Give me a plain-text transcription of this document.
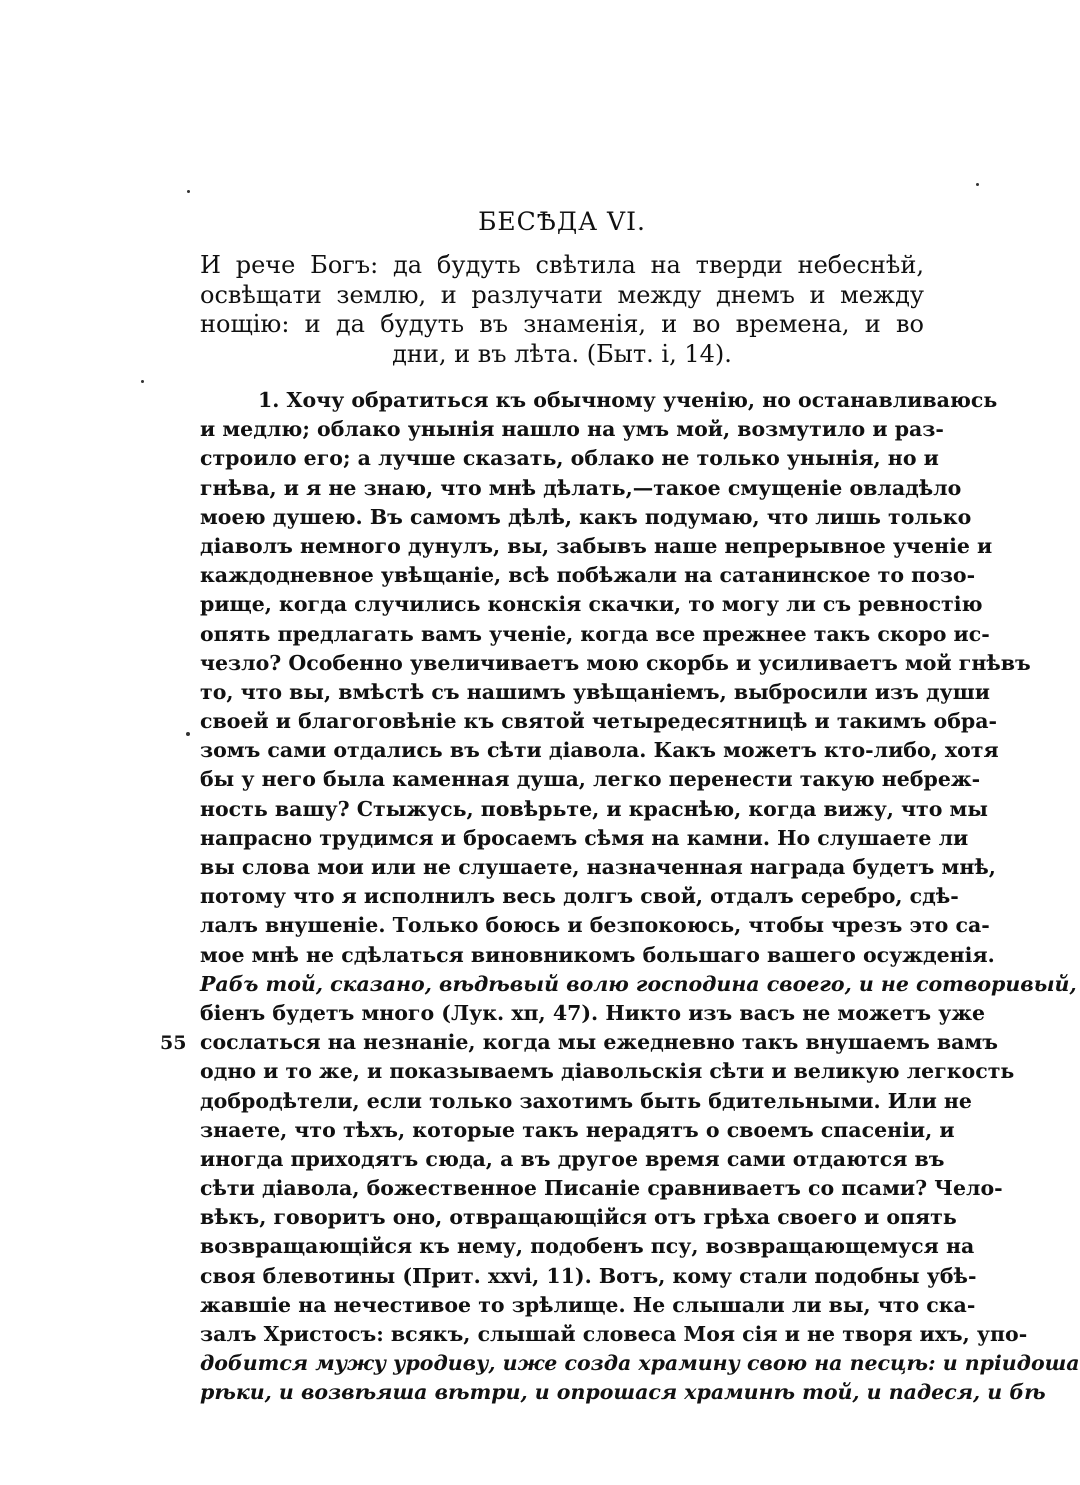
БЕСѢДА VI.
И рече Богъ: да будуть свѣтила на тверди небеснѣй,
освѣщати землю, и разлучати между днемъ и между
нощію: и да будуть въ знаменія, и во времена, и во
дни, и въ лѣта. (Быт. і, 14).
55
1. Хочу обратиться къ обычному ученію, но останавливаюсь
и медлю; облако унынія нашло на умъ мой, возмутило и раз-
строило его; а лучше сказать, облако не только унынія, но и
гнѣва, и я не знаю, что мнѣ дѣлать,—такое смущеніе овладѣло
моею душею. Въ самомъ дѣлѣ, какъ подумаю, что лишь только
діаволъ немного дунулъ, вы, забывъ наше непрерывное ученіе и
каждодневное увѣщаніе, всѣ побѣжали на сатанинское то позо-
рище, когда случились конскія скачки, то могу ли съ ревностію
опять предлагать вамъ ученіе, когда все прежнее такъ скоро ис-
чезло? Особенно увеличиваетъ мою скорбь и усиливаетъ мой гнѣвъ
то, что вы, вмѣстѣ съ нашимъ увѣщаніемъ, выбросили изъ души
своей и благоговѣніе къ святой четыредесятницѣ и такимъ обра-
зомъ сами отдались въ сѣти діавола. Какъ можетъ кто-либо, хотя
бы у него была каменная душа, легко перенести такую небреж-
ность вашу? Стыжусь, повѣрьте, и краснѣю, когда вижу, что мы
напрасно трудимся и бросаемъ сѣмя на камни. Но слушаете ли
вы слова мои или не слушаете, назначенная награда будетъ мнѣ,
потому что я исполнилъ весь долгъ свой, отдалъ серебро, сдѣ-
лалъ внушеніе. Только боюсь и безпокоюсь, чтобы чрезъ это са-
мое мнѣ не сдѣлаться виновникомъ большаго вашего осужденія.
Рабъ той, сказано, вѣдѣвый волю господина своего, и не сотворивый,
біенъ будетъ много (Лук. хп, 47). Никто изъ васъ не можетъ уже
сослаться на незнаніе, когда мы ежедневно такъ внушаемъ вамъ
одно и то же, и показываемъ діавольскія сѣти и великую легкость
добродѣтели, если только захотимъ быть бдительными. Или не
знаете, что тѣхъ, которые такъ нерадятъ о своемъ спасеніи, и
иногда приходятъ сюда, а въ другое время сами отдаются въ
сѣти діавола, божественное Писаніе сравниваетъ со псами? Чело-
вѣкъ, говоритъ оно, отвращающійся отъ грѣха своего и опять
возвращающійся къ нему, подобенъ псу, возвращающемуся на
своя блевотины (Прит. ххvі, 11). Вотъ, кому стали подобны убѣ-
жавшіе на нечестивое то зрѣлище. Не слышали ли вы, что ска-
залъ Христосъ: всякъ, слышай словеса Моя сія и не творя ихъ, упо-
добится мужу уродиву, иже созда храмину свою на песцѣ: и пріидоша
рѣки, и возвѣяша вѣтри, и опрошася храминѣ той, и падеся, и бѣ
